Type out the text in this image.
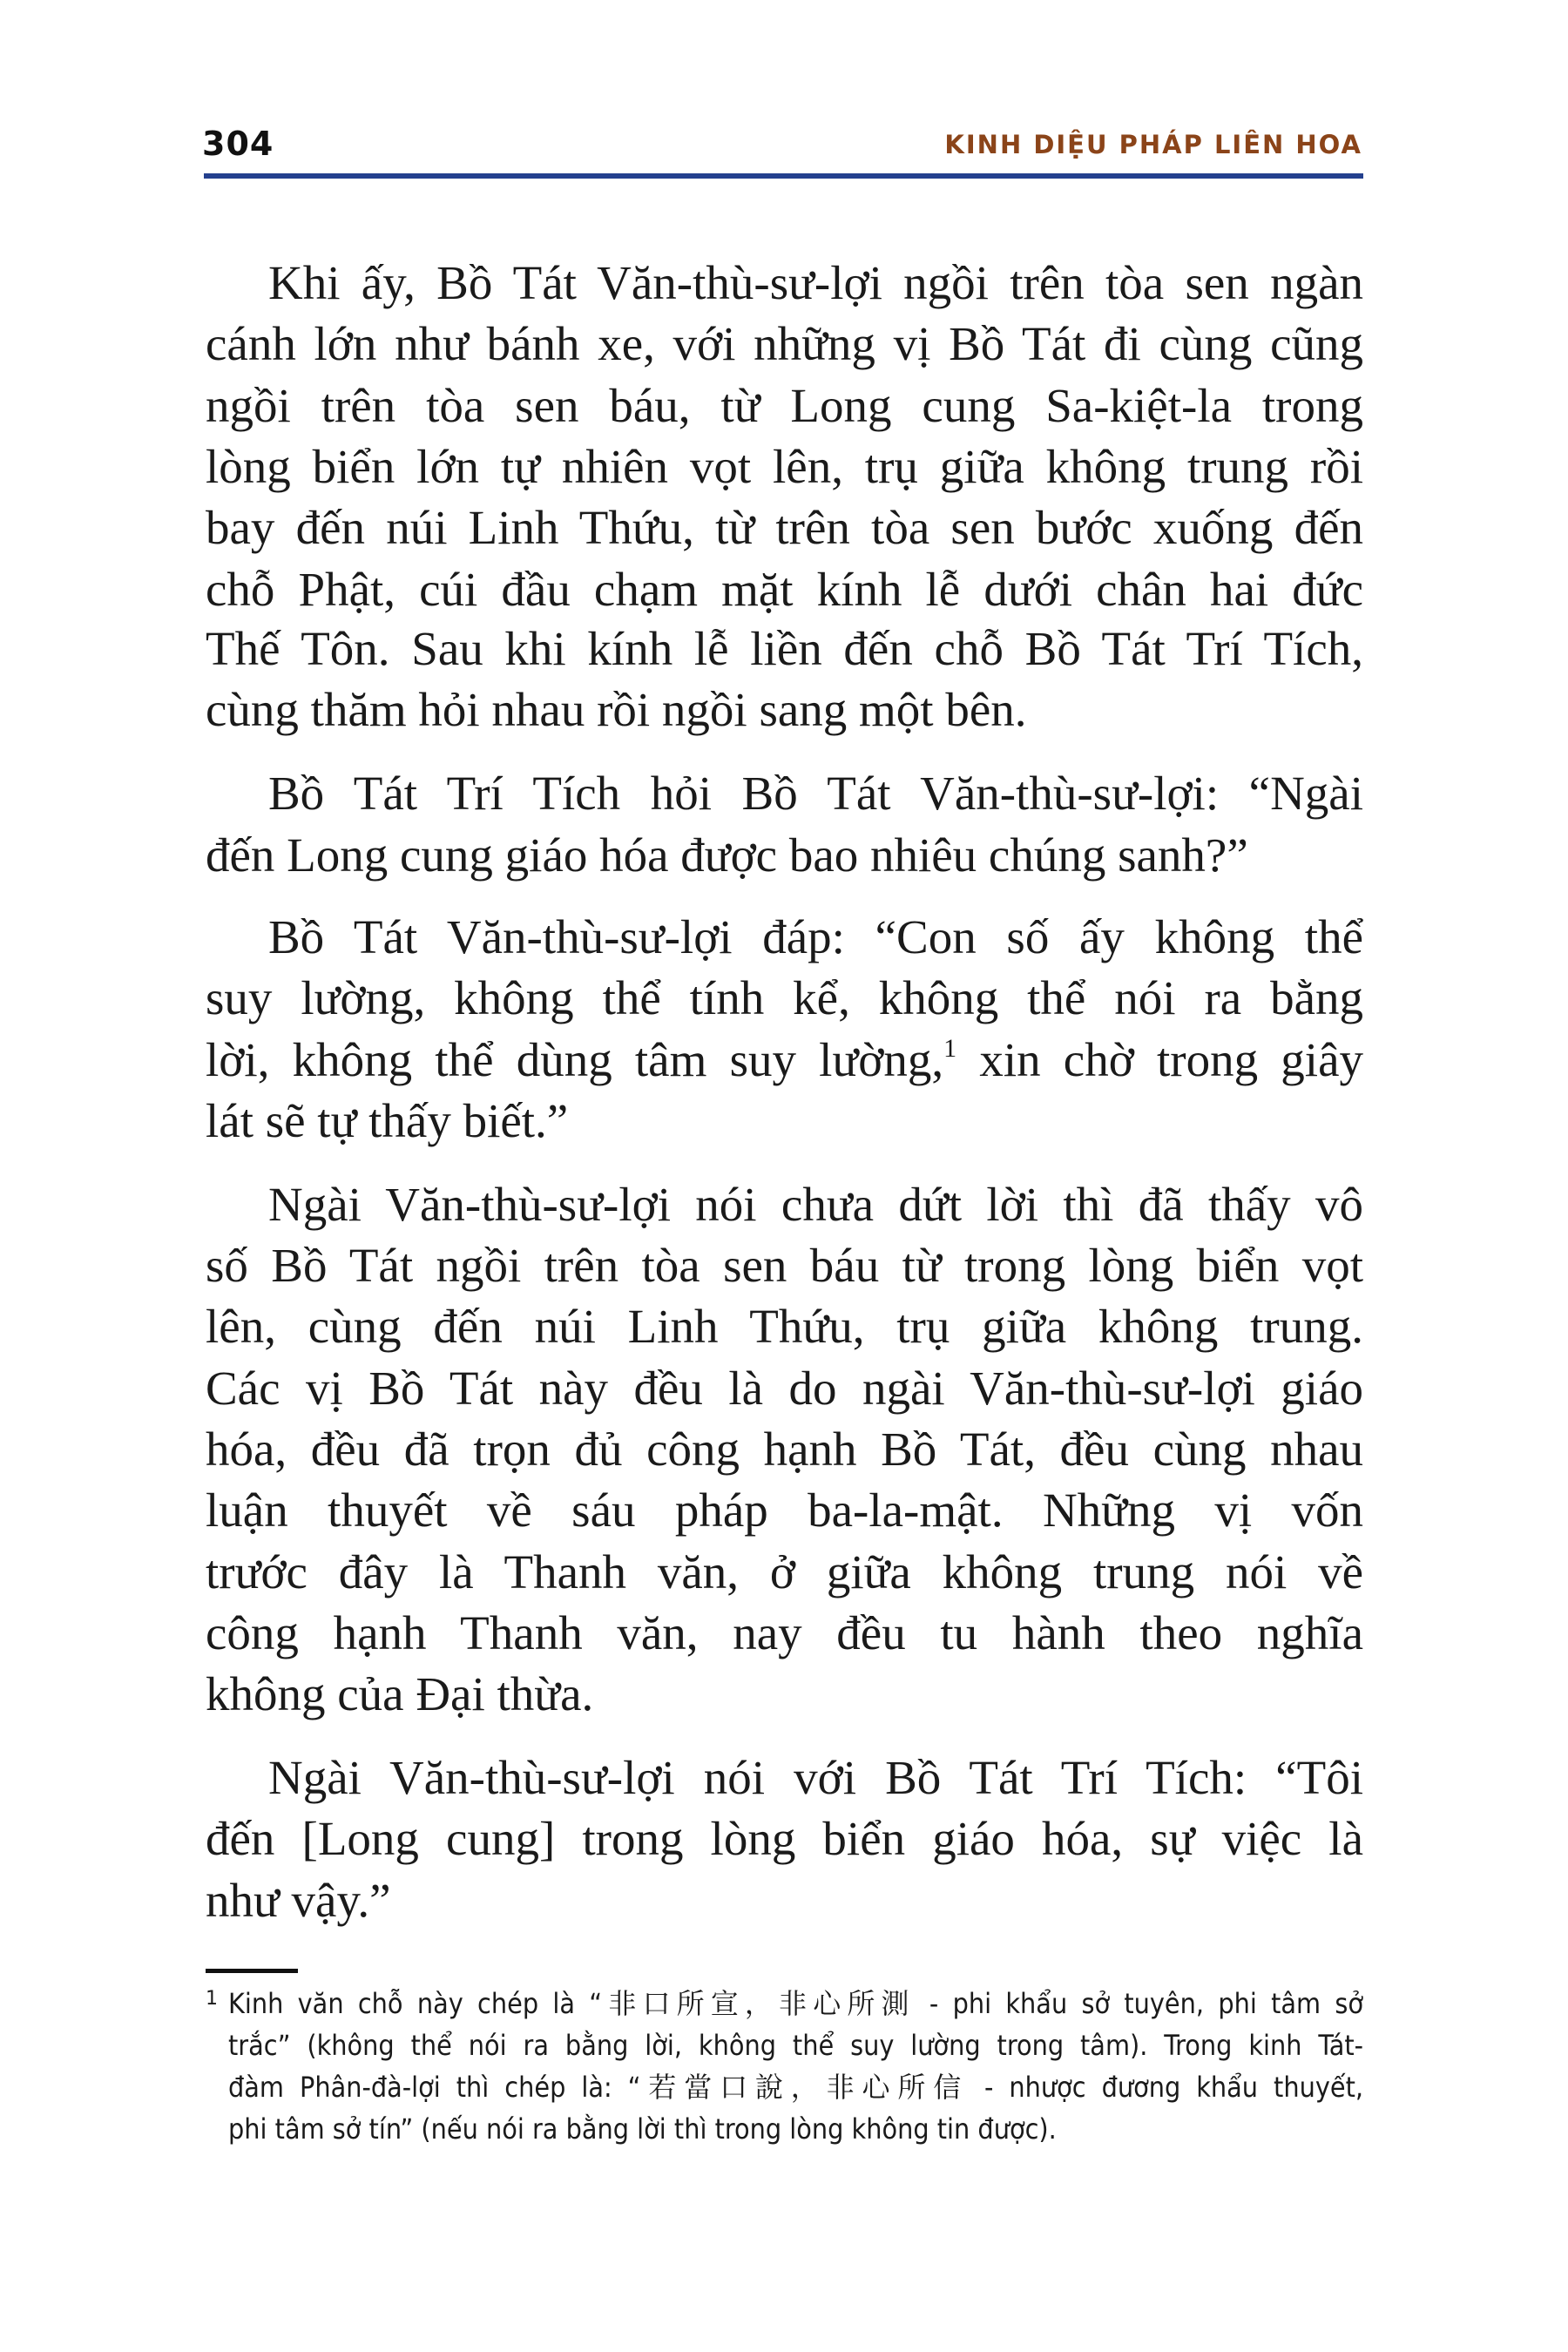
304	KINH DIỆU PHÁP LIÊN HOA
Khi ấy, Bồ Tát Văn-thù-sư-lợi ngồi trên tòa sen ngàn
cánh lớn như bánh xe, với những vị Bồ Tát đi cùng cũng
ngồi trên tòa sen báu, từ Long cung Sa-kiệt-la trong
lòng biển lớn tự nhiên vọt lên, trụ giữa không trung rồi
bay đến núi Linh Thứu, từ trên tòa sen bước xuống đến
chỗ Phật, cúi đầu chạm mặt kính lễ dưới chân hai đức
Thế Tôn. Sau khi kính lễ liền đến chỗ Bồ Tát Trí Tích,
cùng thăm hỏi nhau rồi ngồi sang một bên.
Bồ Tát Trí Tích hỏi Bồ Tát Văn-thù-sư-lợi: “Ngài
đến Long cung giáo hóa được bao nhiêu chúng sanh?”
Bồ Tát Văn-thù-sư-lợi đáp: “Con số ấy không thể
suy lường, không thể tính kể, không thể nói ra bằng
lời, không thể dùng tâm suy lường,$^1$ xin chờ trong giây
lát sẽ tự thấy biết.”
Ngài Văn-thù-sư-lợi nói chưa dứt lời thì đã thấy vô
số Bồ Tát ngồi trên tòa sen báu từ trong lòng biển vọt
lên, cùng đến núi Linh Thứu, trụ giữa không trung.
Các vị Bồ Tát này đều là do ngài Văn-thù-sư-lợi giáo
hóa, đều đã trọn đủ công hạnh Bồ Tát, đều cùng nhau
luận thuyết về sáu pháp ba-la-mật. Những vị vốn
trước đây là Thanh văn, ở giữa không trung nói về
công hạnh Thanh văn, nay đều tu hành theo nghĩa
không của Đại thừa.
Ngài Văn-thù-sư-lợi nói với Bồ Tát Trí Tích: “Tôi
đến [Long cung] trong lòng biển giáo hóa, sự việc là
như vậy.”
1 Kinh văn chỗ này chép là “非口所宣，非心所測 - phi khẩu sở tuyên, phi tâm sở
trắc” (không thể nói ra bằng lời, không thể suy lường trong tâm). Trong kinh Tát-
đàm Phân-đà-lợi thì chép là: “若當口說，非心所信 - nhược đương khẩu thuyết,
phi tâm sở tín” (nếu nói ra bằng lời thì trong lòng không tin được).
